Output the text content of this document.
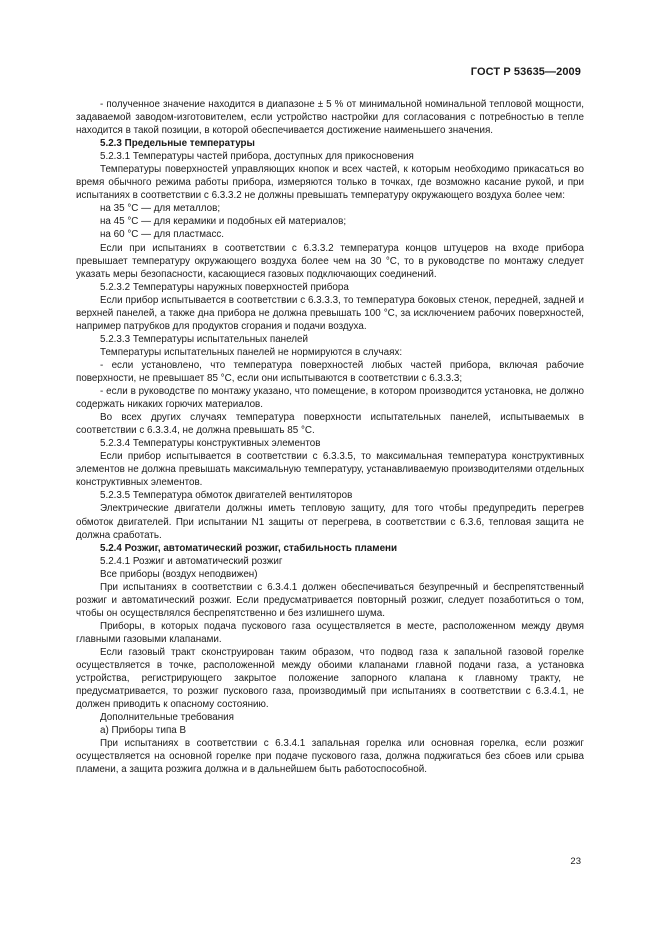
ГОСТ Р 53635—2009

- полученное значение находится в диапазоне ± 5 % от минимальной номинальной тепловой мощности, задаваемой заводом-изготовителем, если устройство настройки для согласования с потребностью в тепле находится в такой позиции, в которой обеспечивается достижение наименьшего значения.

5.2.3 Предельные температуры

5.2.3.1 Температуры частей прибора, доступных для прикосновения

Температуры поверхностей управляющих кнопок и всех частей, к которым необходимо прикасаться во время обычного режима работы прибора, измеряются только в точках, где возможно касание рукой, и при испытаниях в соответствии с 6.3.3.2 не должны превышать температуру окружающего воздуха более чем:

на 35 °С — для металлов;

на 45 °С — для керамики и подобных ей материалов;

на 60 °С — для пластмасс.

Если при испытаниях в соответствии с 6.3.3.2 температура концов штуцеров на входе прибора превышает температуру окружающего воздуха более чем на 30 °С, то в руководстве по монтажу следует указать меры безопасности, касающиеся газовых подключающих соединений.

5.2.3.2 Температуры наружных поверхностей прибора

Если прибор испытывается в соответствии с 6.3.3.3, то температура боковых стенок, передней, задней и верхней панелей, а также дна прибора не должна превышать 100 °С, за исключением рабочих поверхностей, например патрубков для продуктов сгорания и подачи воздуха.

5.2.3.3 Температуры испытательных панелей

Температуры испытательных панелей не нормируются в случаях:

- если установлено, что температура поверхностей любых частей прибора, включая рабочие поверхности, не превышает 85 °С, если они испытываются в соответствии с 6.3.3.3;

- если в руководстве по монтажу указано, что помещение, в котором производится установка, не должно содержать никаких горючих материалов.

Во всех других случаях температура поверхности испытательных панелей, испытываемых в соответствии с 6.3.3.4, не должна превышать 85 °С.

5.2.3.4 Температуры конструктивных элементов

Если прибор испытывается в соответствии с 6.3.3.5, то максимальная температура конструктивных элементов не должна превышать максимальную температуру, устанавливаемую производителями отдельных конструктивных элементов.

5.2.3.5 Температура обмоток двигателей вентиляторов

Электрические двигатели должны иметь тепловую защиту, для того чтобы предупредить перегрев обмоток двигателей. При испытании N1 защиты от перегрева, в соответствии с 6.3.6, тепловая защита не должна сработать.

5.2.4 Розжиг, автоматический розжиг, стабильность пламени

5.2.4.1 Розжиг и автоматический розжиг

Все приборы (воздух неподвижен)

При испытаниях в соответствии с 6.3.4.1 должен обеспечиваться безупречный и беспрепятственный розжиг и автоматический розжиг. Если предусматривается повторный розжиг, следует позаботиться о том, чтобы он осуществлялся беспрепятственно и без излишнего шума.

Приборы, в которых подача пускового газа осуществляется в месте, расположенном между двумя главными газовыми клапанами.

Если газовый тракт сконструирован таким образом, что подвод газа к запальной газовой горелке осуществляется в точке, расположенной между обоими клапанами главной подачи газа, а установка устройства, регистрирующего закрытое положение запорного клапана к главному тракту, не предусматривается, то розжиг пускового газа, производимый при испытаниях в соответствии с 6.3.4.1, не должен приводить к опасному состоянию.

Дополнительные требования

а) Приборы типа В

При испытаниях в соответствии с 6.3.4.1 запальная горелка или основная горелка, если розжиг осуществляется на основной горелке при подаче пускового газа, должна поджигаться без сбоев или срыва пламени, а защита розжига должна и в дальнейшем быть работоспособной.

23
